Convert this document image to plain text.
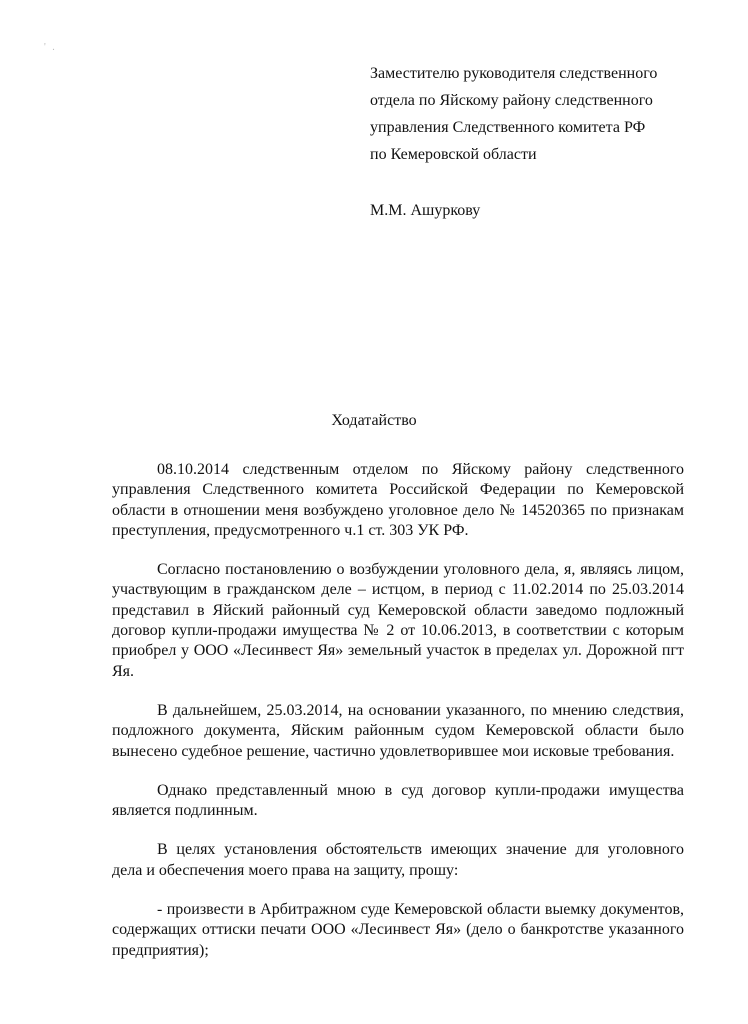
' .
Заместителю руководителя следственного
отдела по Яйскому району следственного
управления Следственного комитета РФ
по Кемеровской области
М.М. Ашуркову
Ходатайство

08.10.2014 следственным отделом по Яйскому району следственного управления Следственного комитета Российской Федерации по Кемеровской области в отношении меня возбуждено уголовное дело № 14520365 по признакам преступления, предусмотренного ч.1 ст. 303 УК РФ.

Согласно постановлению о возбуждении уголовного дела, я, являясь лицом, участвующим в гражданском деле – истцом, в период с 11.02.2014 по 25.03.2014 представил в Яйский районный суд Кемеровской области заведомо подложный договор купли-продажи имущества № 2 от 10.06.2013, в соответствии с которым приобрел у ООО «Лесинвест Яя» земельный участок в пределах ул. Дорожной пгт Яя.

В дальнейшем, 25.03.2014, на основании указанного, по мнению следствия, подложного документа, Яйским районным судом Кемеровской области было вынесено судебное решение, частично удовлетворившее мои исковые требования.

Однако представленный мною в суд договор купли-продажи имущества является подлинным.

В целях установления обстоятельств имеющих значение для уголовного дела и обеспечения моего права на защиту, прошу:

- произвести в Арбитражном суде Кемеровской области выемку документов, содержащих оттиски печати ООО «Лесинвест Яя» (дело о банкротстве указанного предприятия);
